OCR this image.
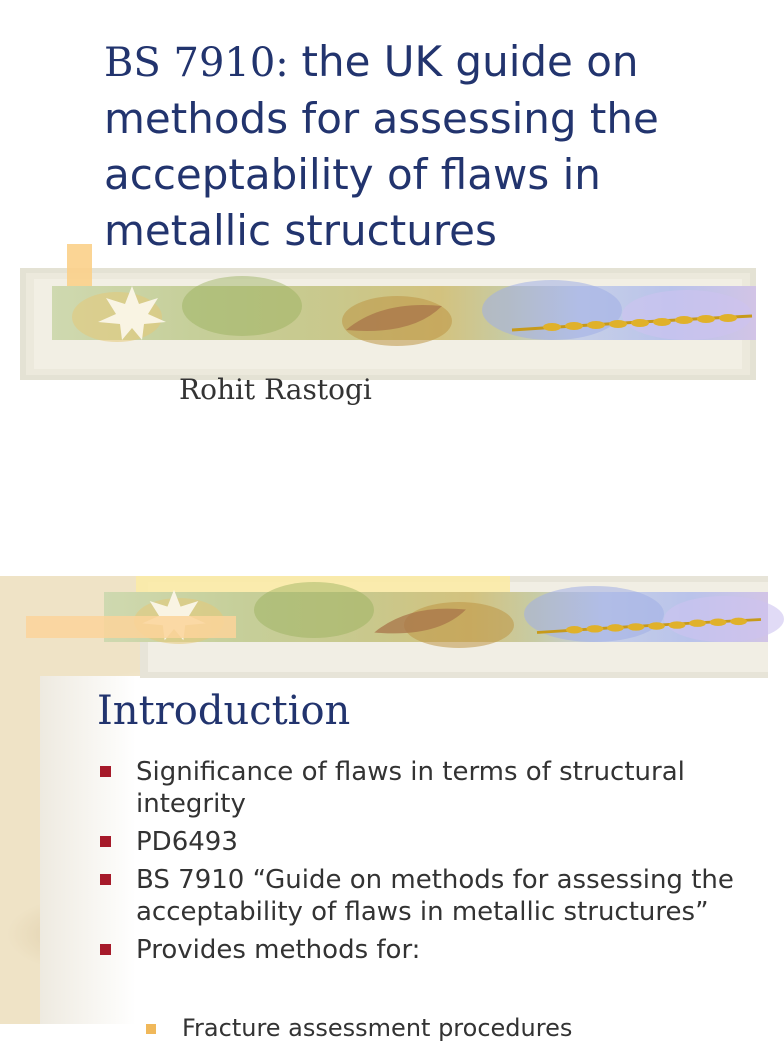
BS 7910: the UK guide on methods for assessing the acceptability of flaws in metallic structures
Rohit Rastogi
Introduction
Significance of flaws in terms of structural integrity
PD6493
BS 7910 “Guide on methods for assessing the acceptability of flaws in metallic structures”
Provides methods for:
Fracture assessment procedures
